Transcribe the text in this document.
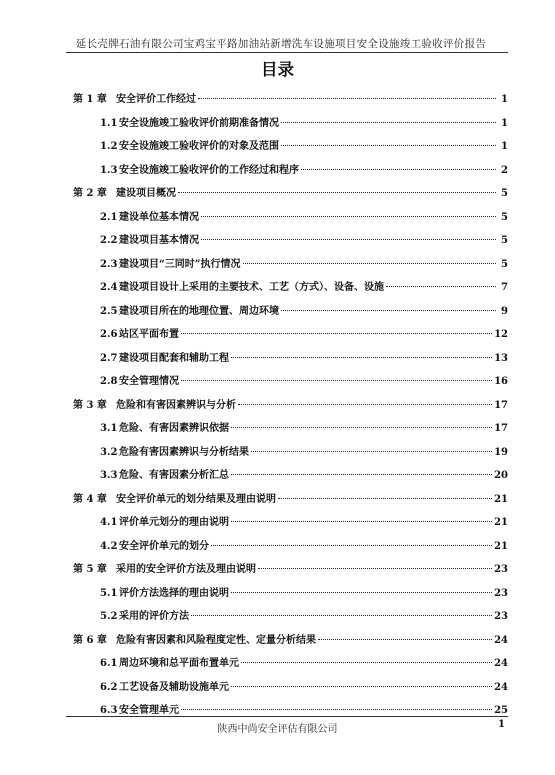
延长壳牌石油有限公司宝鸡宝平路加油站新增洗车设施项目安全设施竣工验收评价报告
目录
第 1 章 安全评价工作经过	1
1.1 安全设施竣工验收评价前期准备情况	1
1.2 安全设施竣工验收评价的对象及范围	1
1.3 安全设施竣工验收评价的工作经过和程序	2
第 2 章 建设项目概况	5
2.1 建设单位基本情况	5
2.2 建设项目基本情况	5
2.3 建设项目“三同时”执行情况	5
2.4 建设项目设计上采用的主要技术、工艺（方式）、设备、设施	7
2.5 建设项目所在的地理位置、周边环境	9
2.6 站区平面布置	12
2.7 建设项目配套和辅助工程	13
2.8 安全管理情况	16
第 3 章 危险和有害因素辨识与分析	17
3.1 危险、有害因素辨识依据	17
3.2 危险有害因素辨识与分析结果	19
3.3 危险、有害因素分析汇总	20
第 4 章 安全评价单元的划分结果及理由说明	21
4.1 评价单元划分的理由说明	21
4.2 安全评价单元的划分	21
第 5 章 采用的安全评价方法及理由说明	23
5.1 评价方法选择的理由说明	23
5.2 采用的评价方法	23
第 6 章 危险有害因素和风险程度定性、定量分析结果	24
6.1 周边环境和总平面布置单元	24
6.2 工艺设备及辅助设施单元	24
6.3 安全管理单元	25
陕西中尚安全评估有限公司	1
